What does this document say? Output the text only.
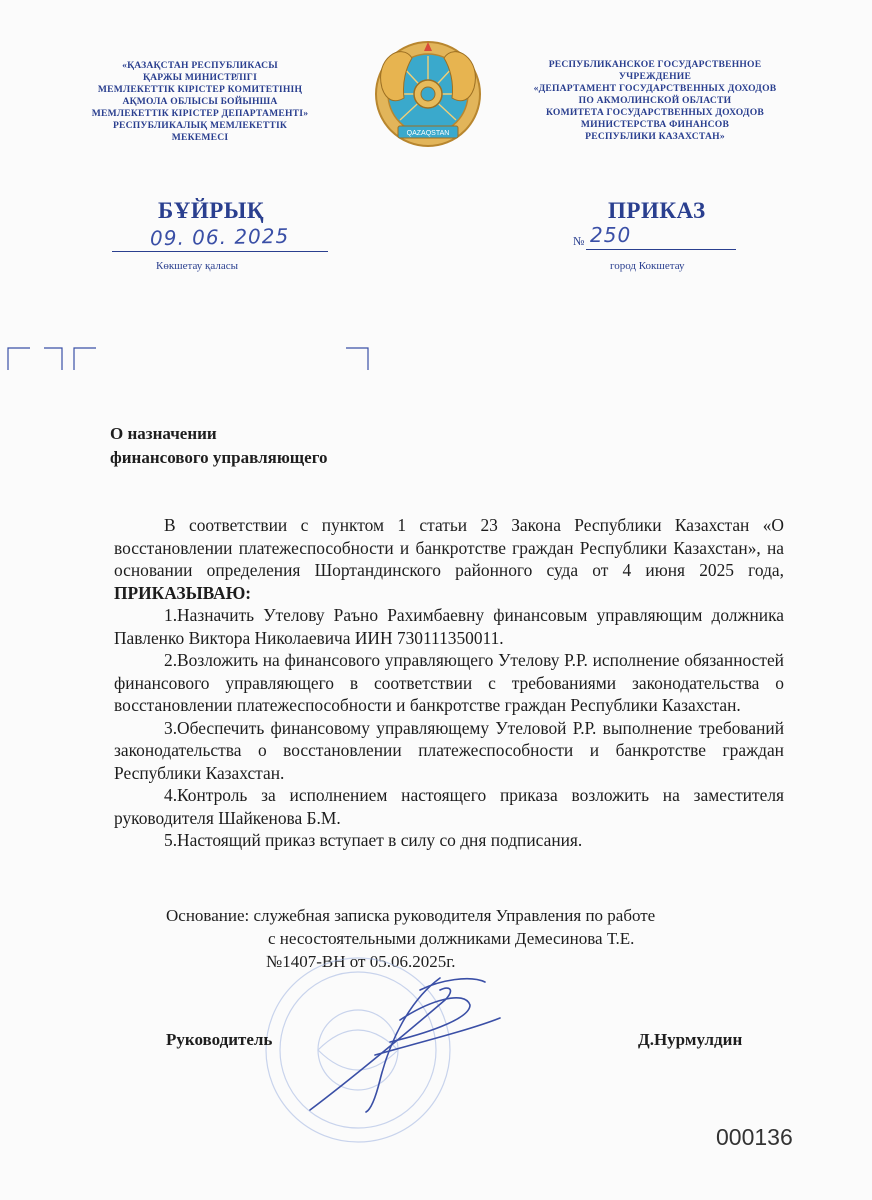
«ҚАЗАҚСТАН РЕСПУБЛИКАСЫ
ҚАРЖЫ МИНИСТРЛІГІ
МЕМЛЕКЕТТІК КІРІСТЕР КОМИТЕТІНІҢ
АҚМОЛА ОБЛЫСЫ БОЙЫНША
МЕМЛЕКЕТТІК КІРІСТЕР ДЕПАРТАМЕНТІ»
РЕСПУБЛИКАЛЫҚ МЕМЛЕКЕТТІК
МЕКЕМЕСІ	QAZAQSTAN
РЕСПУБЛИКАНСКОЕ ГОСУДАРСТВЕННОЕ
УЧРЕЖДЕНИЕ
«ДЕПАРТАМЕНТ ГОСУДАРСТВЕННЫХ ДОХОДОВ
ПО АКМОЛИНСКОЙ ОБЛАСТИ
КОМИТЕТА ГОСУДАРСТВЕННЫХ ДОХОДОВ
МИНИСТЕРСТВА ФИНАНСОВ
РЕСПУБЛИКИ КАЗАХСТАН»
БҰЙРЫҚ	ПРИКАЗ
09. 06. 2025	№ 250
Көкшетау қаласы	город Кокшетау
О назначении
финансового управляющего

В соответствии с пунктом 1 статьи 23 Закона Республики Казахстан «О восстановлении платежеспособности и банкротстве граждан Республики Казахстан», на основании определения Шортандинского районного суда от 4 июня 2025 года, ПРИКАЗЫВАЮ:

1.Назначить Утелову Раъно Рахимбаевну финансовым управляющим должника Павленко Виктора Николаевича ИИН 730111350011.

2.Возложить на финансового управляющего Утелову Р.Р. исполнение обязанностей финансового управляющего в соответствии с требованиями законодательства о восстановлении платежеспособности и банкротстве граждан Республики Казахстан.

3.Обеспечить финансовому управляющему Утеловой Р.Р. выполнение требований законодательства о восстановлении платежеспособности и банкротстве граждан Республики Казахстан.

4.Контроль за исполнением настоящего приказа возложить на заместителя руководителя Шайкенова Б.М.

5.Настоящий приказ вступает в силу со дня подписания.

Основание: служебная записка руководителя Управления по работе
с несостоятельными должниками Демесинова Т.Е.
№1407-ВН от 05.06.2025г.
Руководитель	Д.Нурмулдин
000136
